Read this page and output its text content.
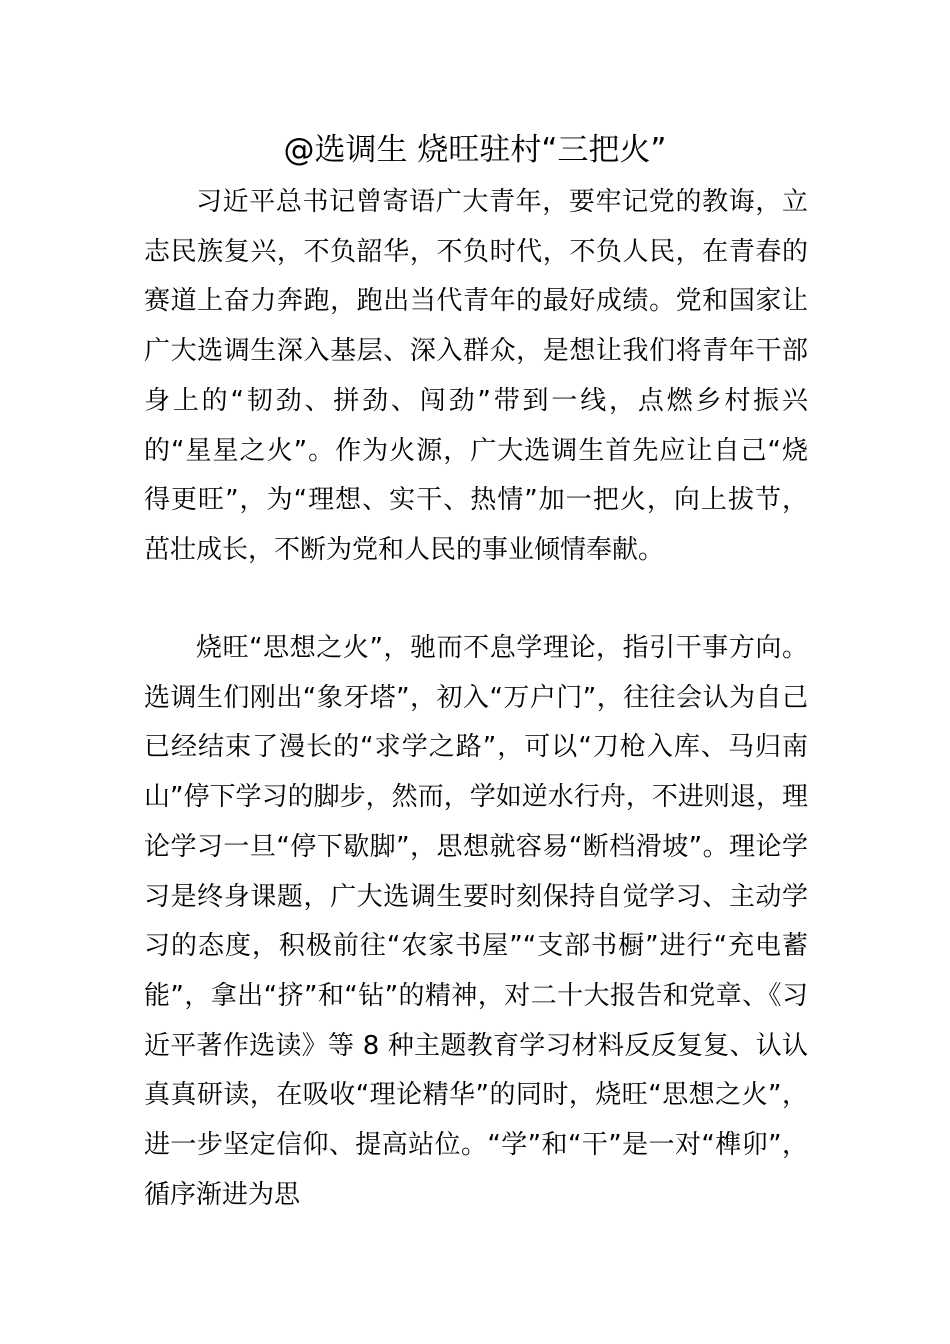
@选调生 烧旺驻村“三把火”

习近平总书记曾寄语广大青年，要牢记党的教诲，立志民族复兴，不负韶华，不负时代，不负人民，在青春的赛道上奋力奔跑，跑出当代青年的最好成绩。党和国家让广大选调生深入基层、深入群众，是想让我们将青年干部身上的“韧劲、拼劲、闯劲”带到一线，点燃乡村振兴的“星星之火”。作为火源，广大选调生首先应让自己“烧得更旺”，为“理想、实干、热情”加一把火，向上拔节，茁壮成长，不断为党和人民的事业倾情奉献。

烧旺“思想之火”，驰而不息学理论，指引干事方向。选调生们刚出“象牙塔”，初入“万户门”，往往会认为自己已经结束了漫长的“求学之路”，可以“刀枪入库、马归南山”停下学习的脚步，然而，学如逆水行舟，不进则退，理论学习一旦“停下歇脚”，思想就容易“断档滑坡”。理论学习是终身课题，广大选调生要时刻保持自觉学习、主动学习的态度，积极前往“农家书屋”“支部书橱”进行“充电蓄能”，拿出“挤”和“钻”的精神，对二十大报告和党章、《习近平著作选读》等 8 种主题教育学习材料反反复复、认认真真研读，在吸收“理论精华”的同时，烧旺“思想之火”，进一步坚定信仰、提高站位。“学”和“干”是一对“榫卯”，循序渐进为思
